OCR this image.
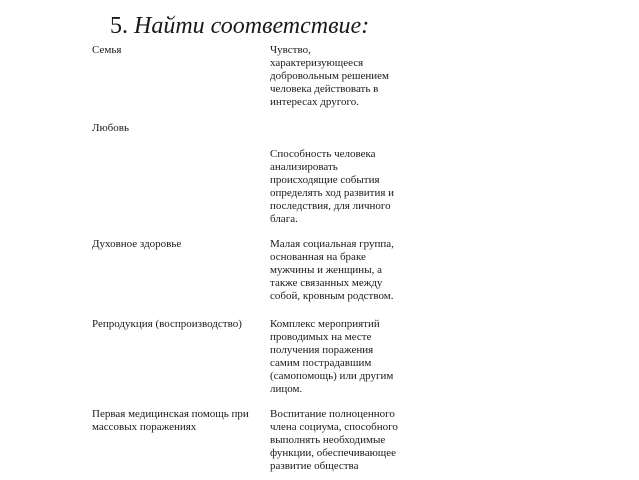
5. Найти соответствие:

Семья

Любовь

Духовное здоровье

Репродукция (воспроизводство)

Первая медицинская помощь при
массовых поражениях

Чувство,
характеризующееся
добровольным решением
человека действовать в
интересах другого.

Способность человека
анализировать
происходящие события
определять ход развития и
последствия, для личного
блага.

Малая социальная группа,
основанная на браке
мужчины и женщины, а
также связанных между
собой, кровным родством.

Комплекс мероприятий
проводимых на месте
получения поражения
самим пострадавшим
(самопомощь) или другим
лицом.

Воспитание полноценного
члена социума, способного
выполнять необходимые
функции, обеспечивающее
развитие общества
